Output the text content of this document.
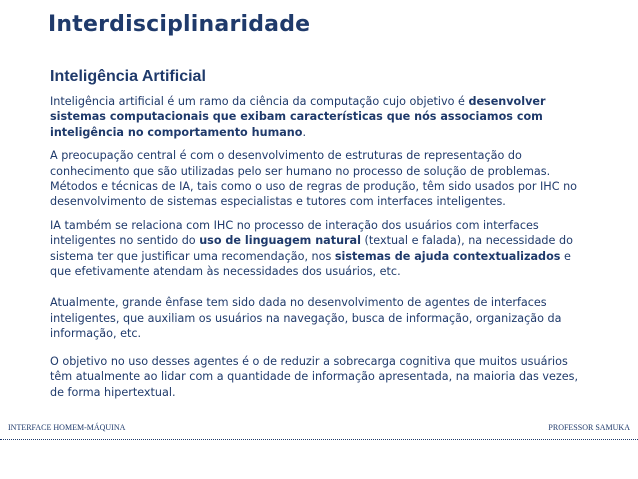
Interdisciplinaridade
Inteligência Artificial

Inteligência artificial é um ramo da ciência da computação cujo objetivo é desenvolver sistemas computacionais que exibam características que nós associamos com inteligência no comportamento humano.

A preocupação central é com o desenvolvimento de estruturas de representação do conhecimento que são utilizadas pelo ser humano no processo de solução de problemas. Métodos e técnicas de IA, tais como o uso de regras de produção, têm sido usados por IHC no desenvolvimento de sistemas especialistas e tutores com interfaces inteligentes.

IA também se relaciona com IHC no processo de interação dos usuários com interfaces inteligentes no sentido do uso de linguagem natural (textual e falada), na necessidade do sistema ter que justificar uma recomendação, nos sistemas de ajuda contextualizados e que efetivamente atendam às necessidades dos usuários, etc.

Atualmente, grande ênfase tem sido dada no desenvolvimento de agentes de interfaces inteligentes, que auxiliam os usuários na navegação, busca de informação, organização da informação, etc.

O objetivo no uso desses agentes é o de reduzir a sobrecarga cognitiva que muitos usuários têm atualmente ao lidar com a quantidade de informação apresentada, na maioria das vezes, de forma hipertextual.

INTERFACE HOMEM-MÁQUINA	PROFESSOR SAMUKA
